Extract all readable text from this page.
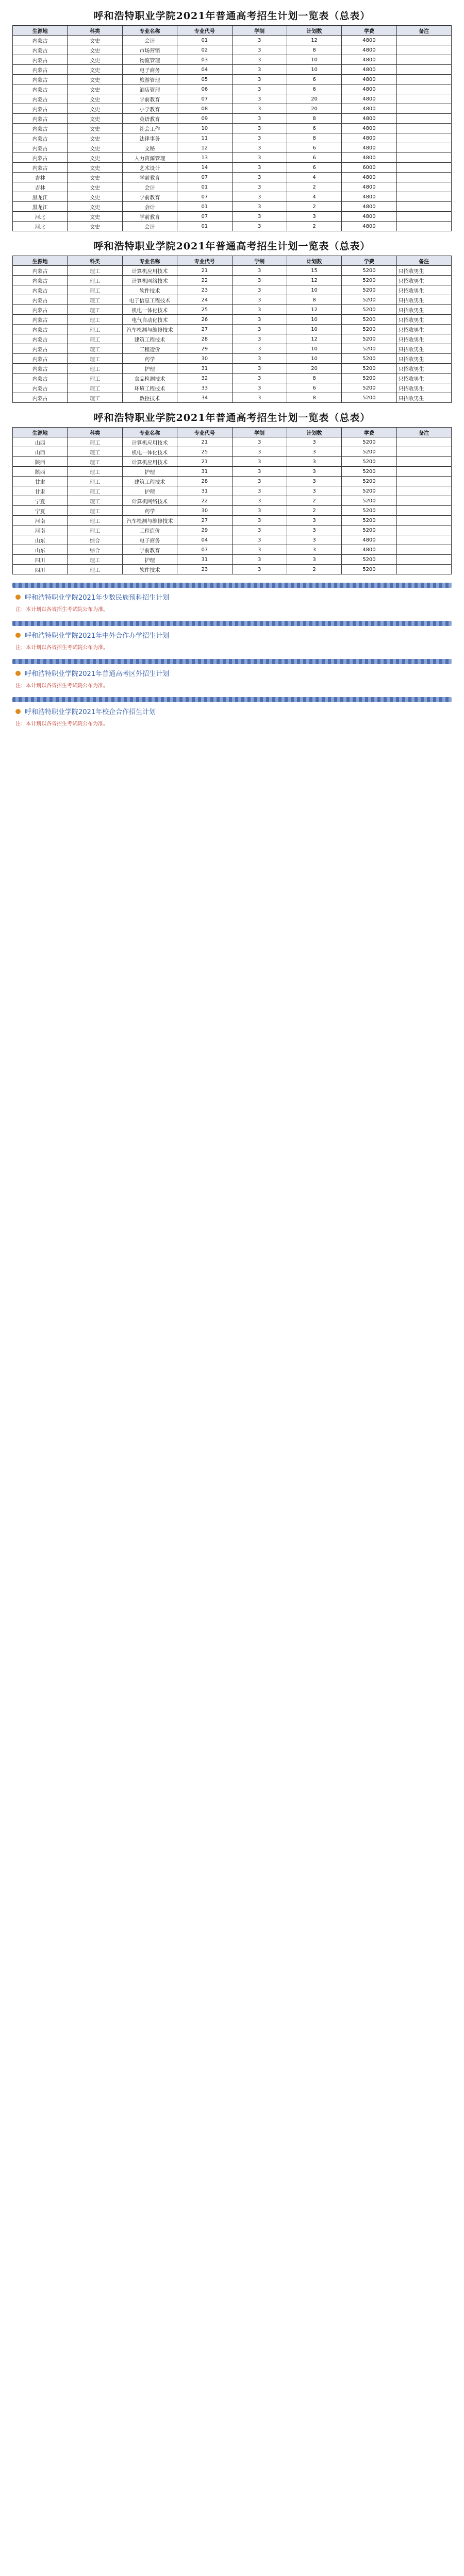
呼和浩特职业学院2021年普通高考招生计划一览表（总表）
生源地	科类	专业名称	专业代号	学制	计划数	学费	备注
内蒙古	文史	会计	01	3	12	4800	
内蒙古	文史	市场营销	02	3	8	4800	
内蒙古	文史	物流管理	03	3	10	4800	
内蒙古	文史	电子商务	04	3	10	4800	
内蒙古	文史	旅游管理	05	3	6	4800	
内蒙古	文史	酒店管理	06	3	6	4800	
内蒙古	文史	学前教育	07	3	20	4800	
内蒙古	文史	小学教育	08	3	20	4800	
内蒙古	文史	英语教育	09	3	8	4800	
内蒙古	文史	社会工作	10	3	6	4800	
内蒙古	文史	法律事务	11	3	8	4800	
内蒙古	文史	文秘	12	3	6	4800	
内蒙古	文史	人力资源管理	13	3	6	4800	
内蒙古	文史	艺术设计	14	3	6	6000	
吉林	文史	学前教育	07	3	4	4800	
吉林	文史	会计	01	3	2	4800	
黑龙江	文史	学前教育	07	3	4	4800	
黑龙江	文史	会计	01	3	2	4800	
河北	文史	学前教育	07	3	3	4800	
河北	文史	会计	01	3	2	4800	
呼和浩特职业学院2021年普通高考招生计划一览表（总表）
生源地	科类	专业名称	专业代号	学制	计划数	学费	备注
内蒙古	理工	计算机应用技术	21	3	15	5200	只招收男生
内蒙古	理工	计算机网络技术	22	3	12	5200	只招收男生
内蒙古	理工	软件技术	23	3	10	5200	只招收男生
内蒙古	理工	电子信息工程技术	24	3	8	5200	只招收男生
内蒙古	理工	机电一体化技术	25	3	12	5200	只招收男生
内蒙古	理工	电气自动化技术	26	3	10	5200	只招收男生
内蒙古	理工	汽车检测与维修技术	27	3	10	5200	只招收男生
内蒙古	理工	建筑工程技术	28	3	12	5200	只招收男生
内蒙古	理工	工程造价	29	3	10	5200	只招收男生
内蒙古	理工	药学	30	3	10	5200	只招收男生
内蒙古	理工	护理	31	3	20	5200	只招收男生
内蒙古	理工	食品检测技术	32	3	8	5200	只招收男生
内蒙古	理工	环境工程技术	33	3	6	5200	只招收男生
内蒙古	理工	数控技术	34	3	8	5200	只招收男生
呼和浩特职业学院2021年普通高考招生计划一览表（总表）
生源地	科类	专业名称	专业代号	学制	计划数	学费	备注
山西	理工	计算机应用技术	21	3	3	5200	
山西	理工	机电一体化技术	25	3	3	5200	
陕西	理工	计算机应用技术	21	3	3	5200	
陕西	理工	护理	31	3	3	5200	
甘肃	理工	建筑工程技术	28	3	3	5200	
甘肃	理工	护理	31	3	3	5200	
宁夏	理工	计算机网络技术	22	3	2	5200	
宁夏	理工	药学	30	3	2	5200	
河南	理工	汽车检测与维修技术	27	3	3	5200	
河南	理工	工程造价	29	3	3	5200	
山东	综合	电子商务	04	3	3	4800	
山东	综合	学前教育	07	3	3	4800	
四川	理工	护理	31	3	3	5200	
四川	理工	软件技术	23	3	2	5200	
呼和浩特职业学院2021年少数民族预科招生计划
注：本计划以各省招生考试院公布为准。
呼和浩特职业学院2021年中外合作办学招生计划
注：本计划以各省招生考试院公布为准。
呼和浩特职业学院2021年普通高考区外招生计划
注：本计划以各省招生考试院公布为准。
呼和浩特职业学院2021年校企合作招生计划
注：本计划以各省招生考试院公布为准。
